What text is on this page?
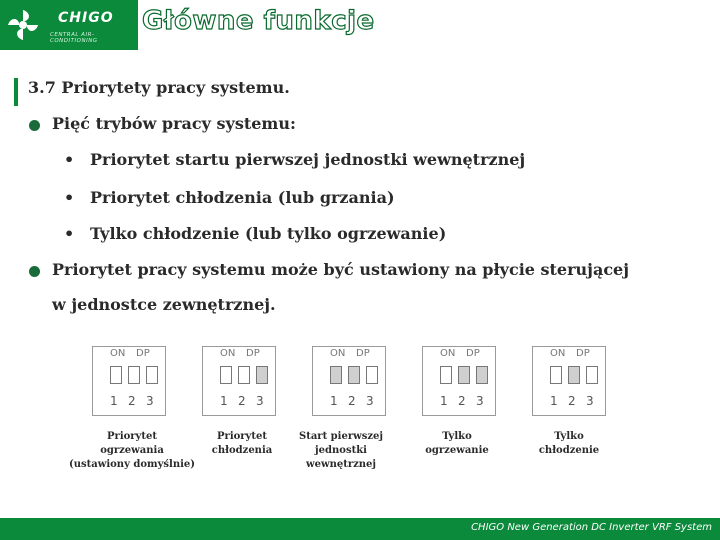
CHIGO
CENTRAL AIR-CONDITIONING
Główne funkcje
3.7 Priorytety pracy systemu.
Pięć trybów pracy systemu:
• Priorytet startu pierwszej jednostki wewnętrznej
• Priorytet chłodzenia (lub grzania)
• Tylko chłodzenie (lub tylko ogrzewanie)
Priorytet pracy systemu może być ustawiony na płycie sterującej
w jednostce zewnętrznej.
ON DP
1 2 3
ON DP
1 2 3
ON DP
1 2 3
ON DP
1 2 3
ON DP
1 2 3
Priorytet
ogrzewania
(ustawiony domyślnie)
Priorytet
chłodzenia
Start pierwszej
jednostki
wewnętrznej
Tylko
ogrzewanie
Tylko
chłodzenie
CHIGO New Generation DC Inverter VRF System
